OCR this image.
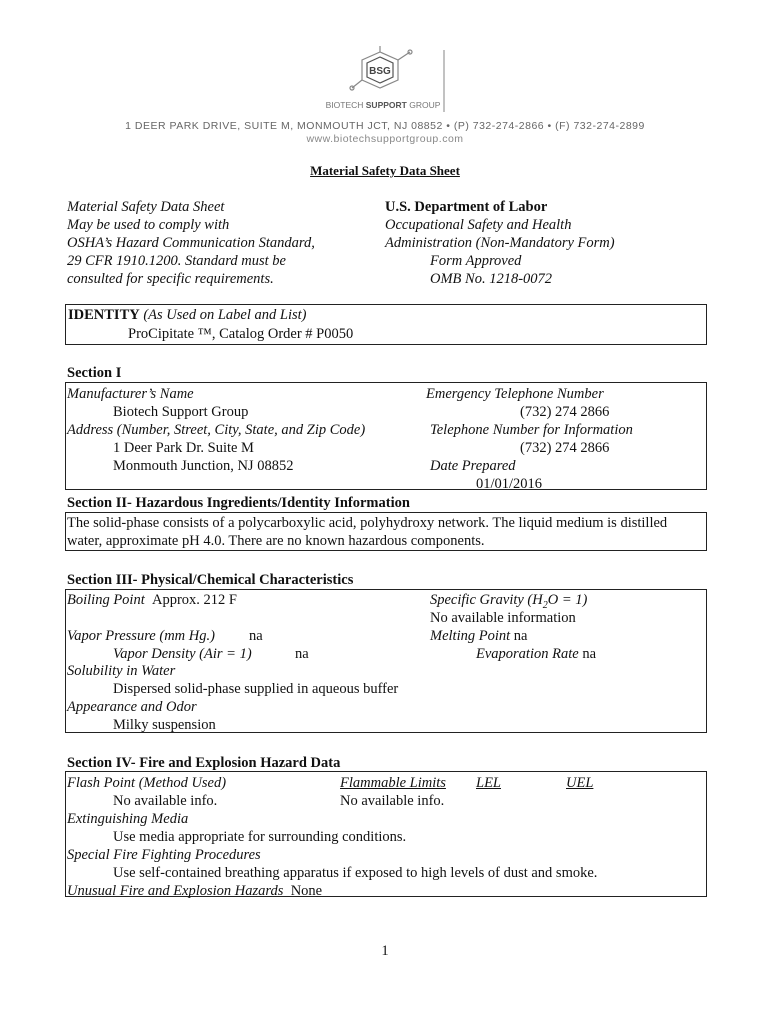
BSG
BIOTECH SUPPORT GROUP
1 DEER PARK DRIVE, SUITE M, MONMOUTH JCT, NJ 08852 • (P) 732-274-2866 • (F) 732-274-2899
www.biotechsupportgroup.com
Material Safety Data Sheet
Material Safety Data Sheet
May be used to comply with
OSHA’s Hazard Communication Standard,
29 CFR 1910.1200. Standard must be
consulted for specific requirements.
U.S. Department of Labor
Occupational Safety and Health
Administration (Non-Mandatory Form)
Form Approved
OMB No. 1218-0072
IDENTITY (As Used on Label and List)
ProCipitate ™, Catalog Order # P0050
Section I
Manufacturer’s Name
Biotech Support Group
Address (Number, Street, City, State, and Zip Code)
1 Deer Park Dr. Suite M
Monmouth Junction, NJ 08852
Emergency Telephone Number
(732) 274 2866
Telephone Number for Information
(732) 274 2866
Date Prepared
01/01/2016
Section II- Hazardous Ingredients/Identity Information
The solid-phase consists of a polycarboxylic acid, polyhydroxy network. The liquid medium is distilled
water, approximate pH 4.0. There are no known hazardous components.
Section III- Physical/Chemical Characteristics
Boiling Point Approx. 212 F	Specific Gravity $(H_2O = 1)$
No available information
Vapor Pressure (mm Hg.) na	Melting Point na
Vapor Density (Air = 1)	na	Evaporation Rate na
Solubility in Water
Dispersed solid-phase supplied in aqueous buffer
Appearance and Odor
Milky suspension
Section IV- Fire and Explosion Hazard Data
Flash Point (Method Used)
No available info.
Flammable Limits
No available info.
LEL	UEL
Extinguishing Media
Use media appropriate for surrounding conditions.
Special Fire Fighting Procedures
Use self-contained breathing apparatus if exposed to high levels of dust and smoke.
Unusual Fire and Explosion Hazards None
1
